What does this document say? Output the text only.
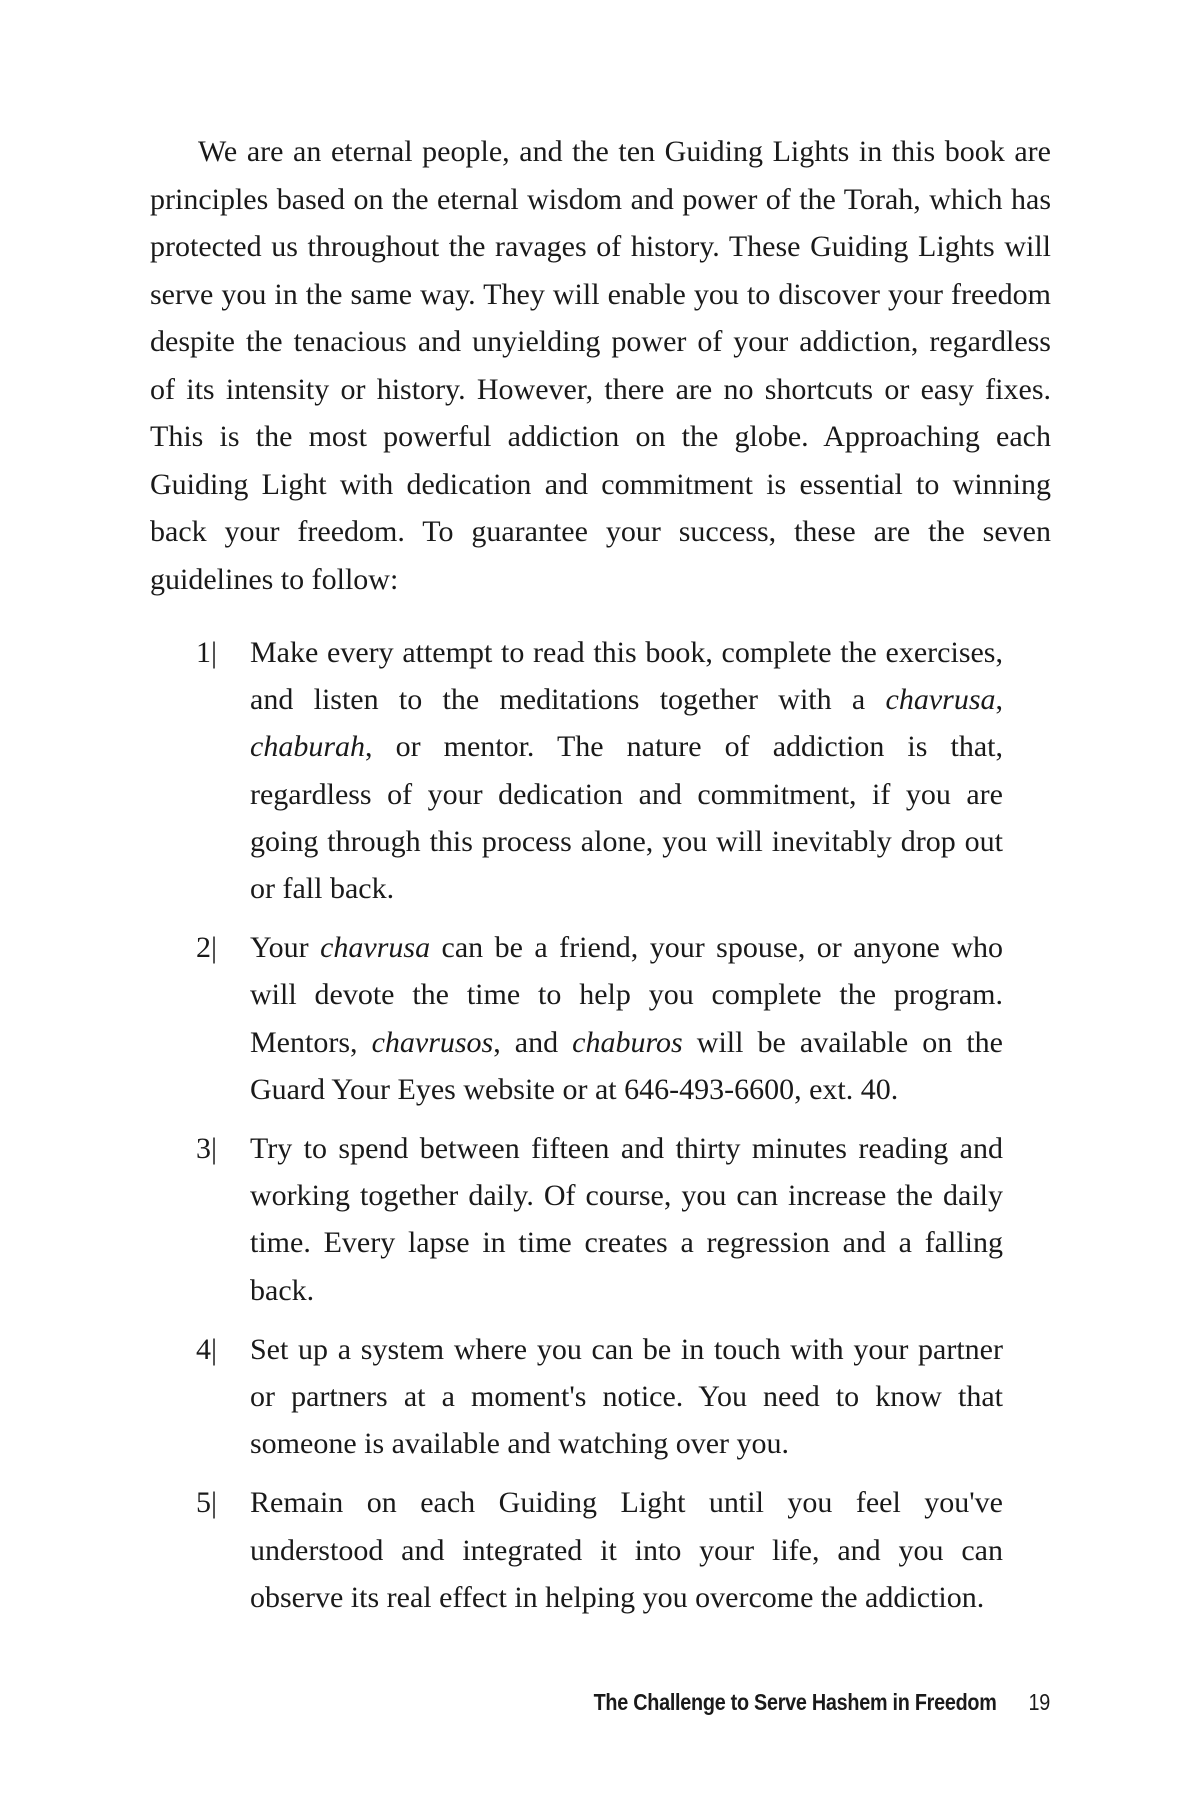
We are an eternal people, and the ten Guiding Lights in this book are principles based on the eternal wisdom and power of the Torah, which has protected us throughout the ravages of history. These Guiding Lights will serve you in the same way. They will enable you to discover your freedom despite the tenacious and unyielding power of your addiction, regardless of its intensity or history. However, there are no shortcuts or easy fixes. This is the most powerful addiction on the globe. Approaching each Guiding Light with dedication and commitment is essential to winning back your freedom. To guarantee your success, these are the seven guidelines to follow:

1|	Make every attempt to read this book, complete the exercises, and listen to the meditations together with a chavrusa, chaburah, or mentor. The nature of addiction is that, regardless of your dedication and commitment, if you are going through this process alone, you will inevitably drop out or fall back.
2|	Your chavrusa can be a friend, your spouse, or anyone who will devote the time to help you complete the program. Mentors, chavrusos, and chaburos will be available on the Guard Your Eyes website or at 646-493-6600, ext. 40.
3|	Try to spend between fifteen and thirty minutes reading and working together daily. Of course, you can increase the daily time. Every lapse in time creates a regression and a falling back.
4|	Set up a system where you can be in touch with your partner or partners at a moment's notice. You need to know that someone is available and watching over you.
5|	Remain on each Guiding Light until you feel you've understood and integrated it into your life, and you can observe its real effect in helping you overcome the addiction.
The Challenge to Serve Hashem in Freedom 19
